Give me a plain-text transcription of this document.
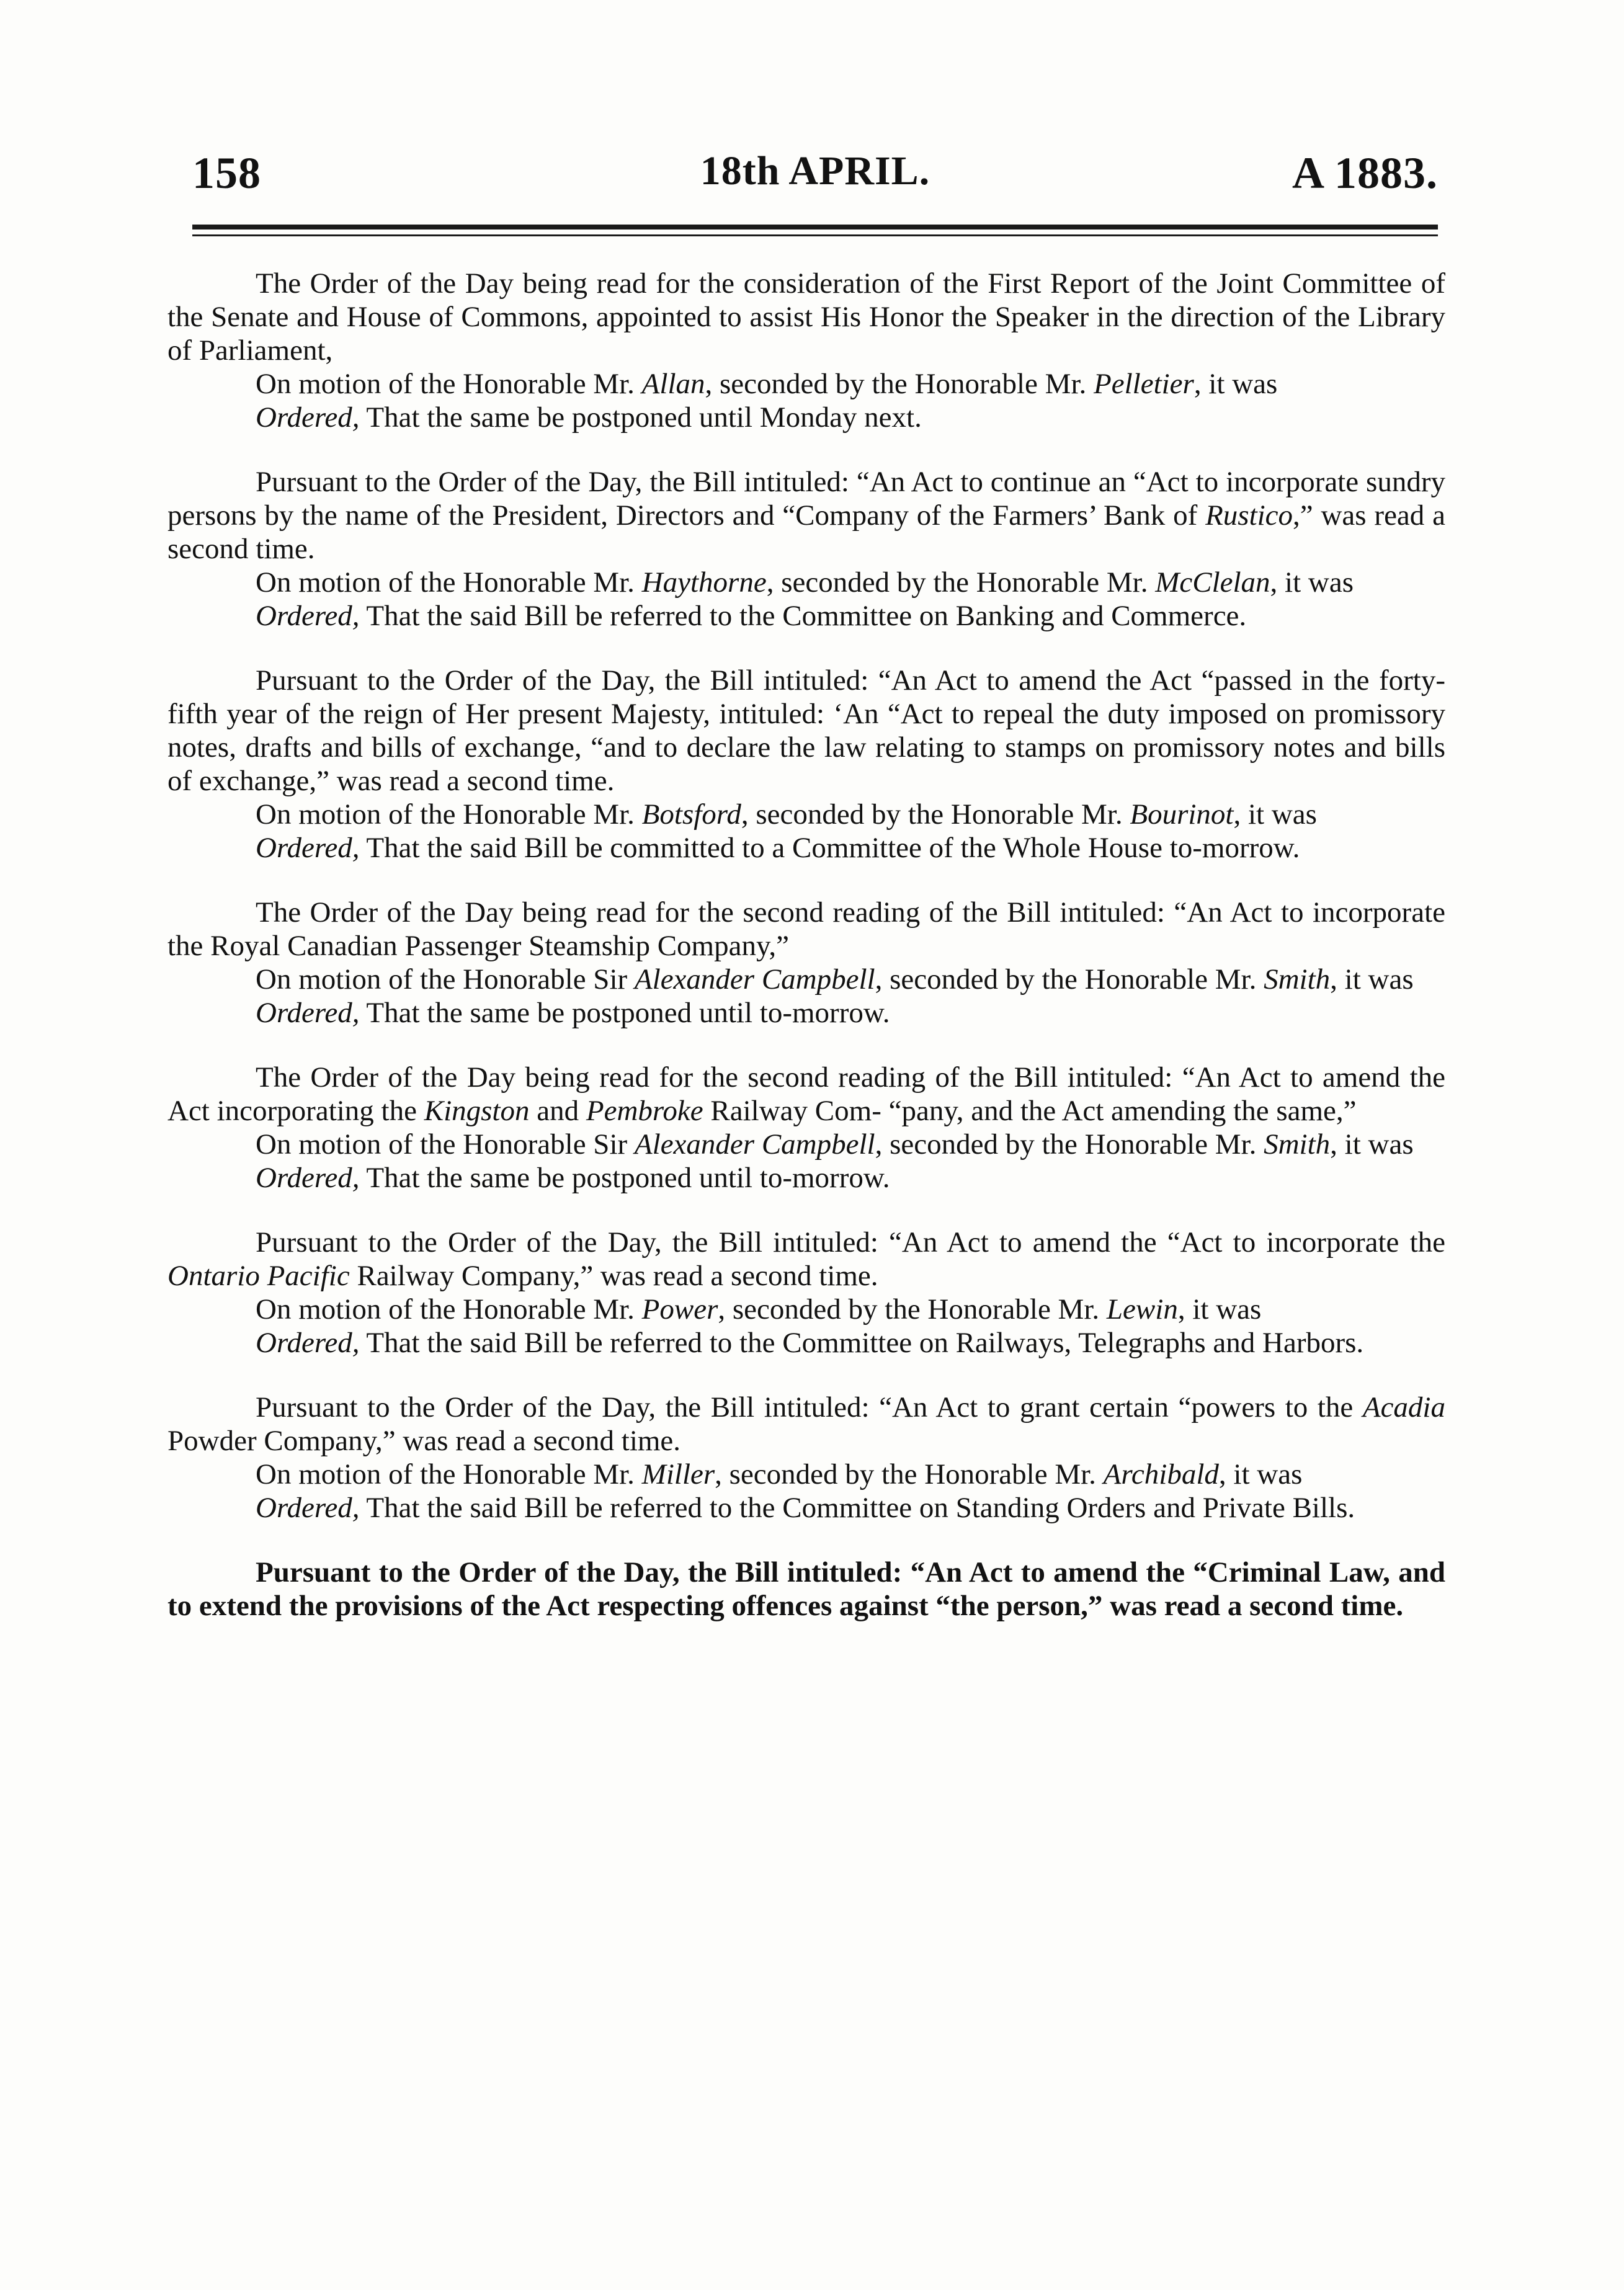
158	18th APRIL.	A 1883.

The Order of the Day being read for the consideration of the First Report of the Joint Committee of the Senate and House of Commons, appointed to assist His Honor the Speaker in the direction of the Library of Parliament,

On motion of the Honorable Mr. Allan, seconded by the Honorable Mr. Pelletier, it was

Ordered, That the same be postponed until Monday next.

Pursuant to the Order of the Day, the Bill intituled: “An Act to continue an “Act to incorporate sundry persons by the name of the President, Directors and “Company of the Farmers’ Bank of Rustico,” was read a second time.

On motion of the Honorable Mr. Haythorne, seconded by the Honorable Mr. McClelan, it was

Ordered, That the said Bill be referred to the Committee on Banking and Commerce.

Pursuant to the Order of the Day, the Bill intituled: “An Act to amend the Act “passed in the forty-fifth year of the reign of Her present Majesty, intituled: ‘An “Act to repeal the duty imposed on promissory notes, drafts and bills of exchange, “and to declare the law relating to stamps on promissory notes and bills of exchange,” was read a second time.

On motion of the Honorable Mr. Botsford, seconded by the Honorable Mr. Bourinot, it was

Ordered, That the said Bill be committed to a Committee of the Whole House to-morrow.

The Order of the Day being read for the second reading of the Bill intituled: “An Act to incorporate the Royal Canadian Passenger Steamship Company,”

On motion of the Honorable Sir Alexander Campbell, seconded by the Honorable Mr. Smith, it was

Ordered, That the same be postponed until to-morrow.

The Order of the Day being read for the second reading of the Bill intituled: “An Act to amend the Act incorporating the Kingston and Pembroke Railway Com- “pany, and the Act amending the same,”

On motion of the Honorable Sir Alexander Campbell, seconded by the Honorable Mr. Smith, it was

Ordered, That the same be postponed until to-morrow.

Pursuant to the Order of the Day, the Bill intituled: “An Act to amend the “Act to incorporate the Ontario Pacific Railway Company,” was read a second time.

On motion of the Honorable Mr. Power, seconded by the Honorable Mr. Lewin, it was

Ordered, That the said Bill be referred to the Committee on Railways, Telegraphs and Harbors.

Pursuant to the Order of the Day, the Bill intituled: “An Act to grant certain “powers to the Acadia Powder Company,” was read a second time.

On motion of the Honorable Mr. Miller, seconded by the Honorable Mr. Archibald, it was

Ordered, That the said Bill be referred to the Committee on Standing Orders and Private Bills.

Pursuant to the Order of the Day, the Bill intituled: “An Act to amend the “Criminal Law, and to extend the provisions of the Act respecting offences against “the person,” was read a second time.
